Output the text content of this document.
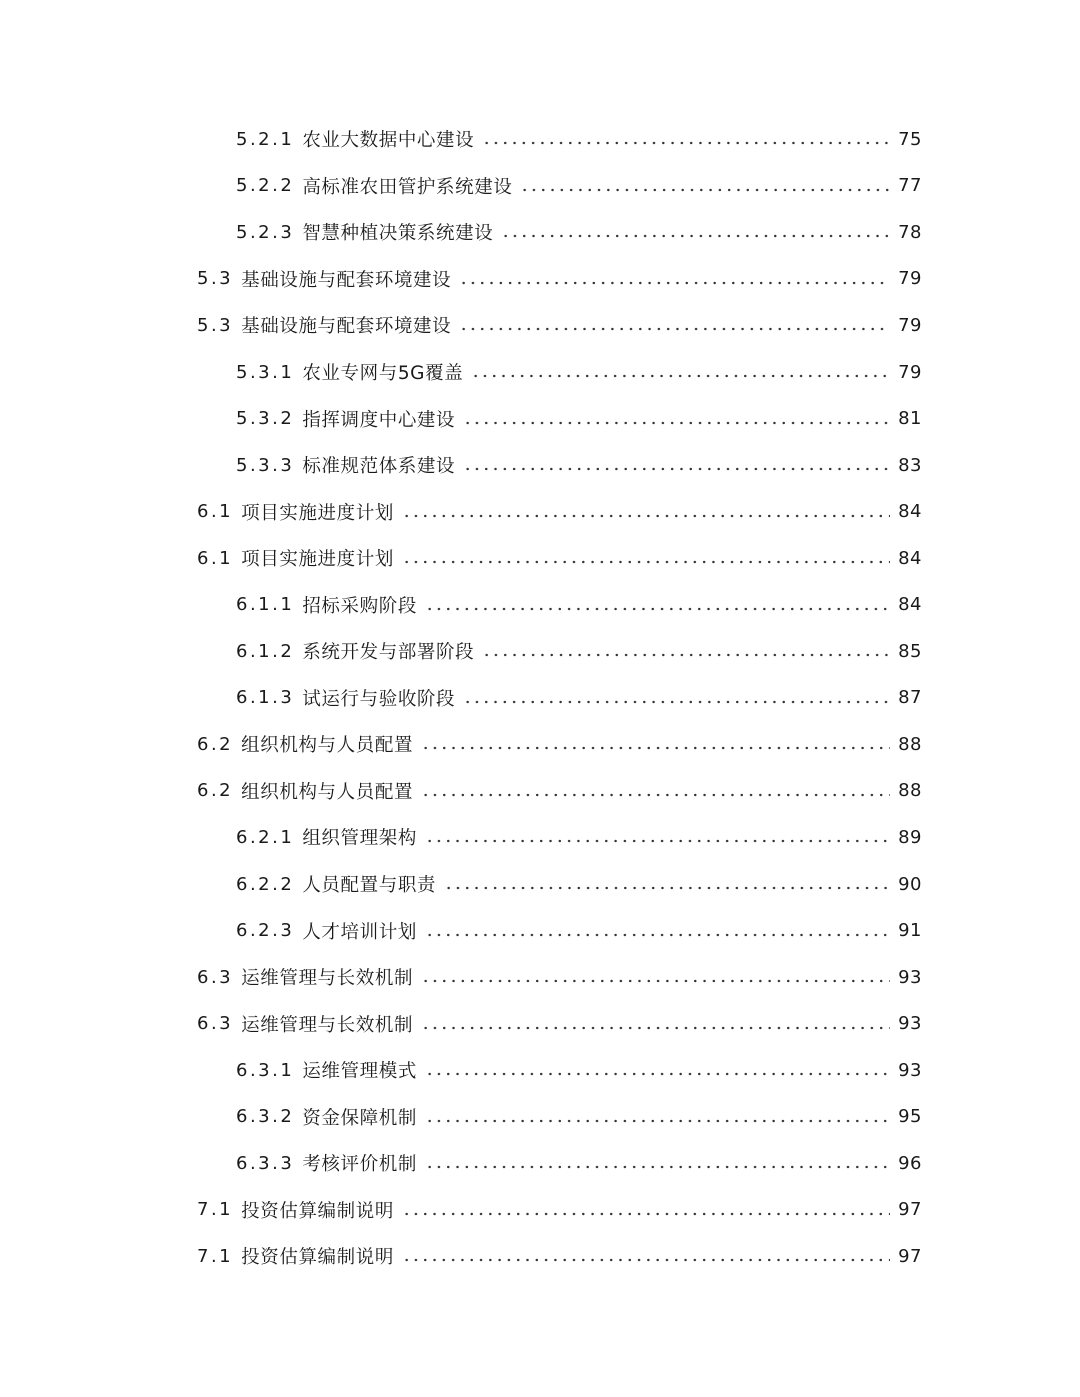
5.2.1 农业大数据中心建设	75
5.2.2 高标准农田管护系统建设	77
5.2.3 智慧种植决策系统建设	78
5.3 基础设施与配套环境建设	79
5.3 基础设施与配套环境建设	79
5.3.1 农业专网与5G覆盖	79
5.3.2 指挥调度中心建设	81
5.3.3 标准规范体系建设	83
6.1 项目实施进度计划	84
6.1 项目实施进度计划	84
6.1.1 招标采购阶段	84
6.1.2 系统开发与部署阶段	85
6.1.3 试运行与验收阶段	87
6.2 组织机构与人员配置	88
6.2 组织机构与人员配置	88
6.2.1 组织管理架构	89
6.2.2 人员配置与职责	90
6.2.3 人才培训计划	91
6.3 运维管理与长效机制	93
6.3 运维管理与长效机制	93
6.3.1 运维管理模式	93
6.3.2 资金保障机制	95
6.3.3 考核评价机制	96
7.1 投资估算编制说明	97
7.1 投资估算编制说明	97
